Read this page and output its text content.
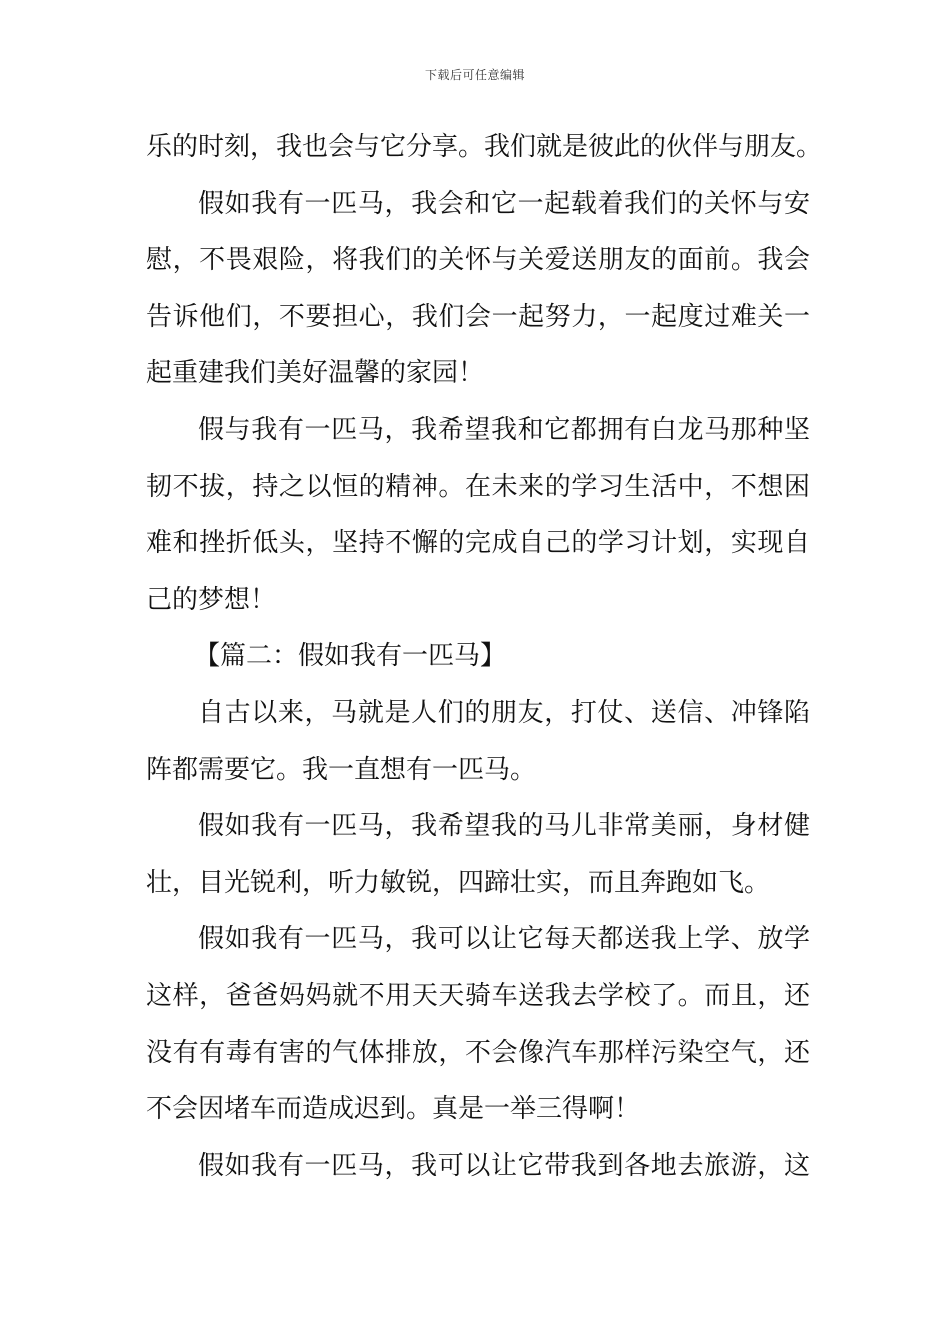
下载后可任意编辑
乐的时刻，我也会与它分享。我们就是彼此的伙伴与朋友。
假如我有一匹马，我会和它一起载着我们的关怀与安
慰，不畏艰险，将我们的关怀与关爱送朋友的面前。我会
告诉他们，不要担心，我们会一起努力，一起度过难关一
起重建我们美好温馨的家园！
假与我有一匹马，我希望我和它都拥有白龙马那种坚
韧不拔，持之以恒的精神。在未来的学习生活中，不想困
难和挫折低头，坚持不懈的完成自己的学习计划，实现自
己的梦想！
【篇二：假如我有一匹马】
自古以来，马就是人们的朋友，打仗、送信、冲锋陷
阵都需要它。我一直想有一匹马。
假如我有一匹马，我希望我的马儿非常美丽，身材健
壮，目光锐利，听力敏锐，四蹄壮实，而且奔跑如飞。
假如我有一匹马，我可以让它每天都送我上学、放学
这样，爸爸妈妈就不用天天骑车送我去学校了。而且，还
没有有毒有害的气体排放，不会像汽车那样污染空气，还
不会因堵车而造成迟到。真是一举三得啊！
假如我有一匹马，我可以让它带我到各地去旅游，这
